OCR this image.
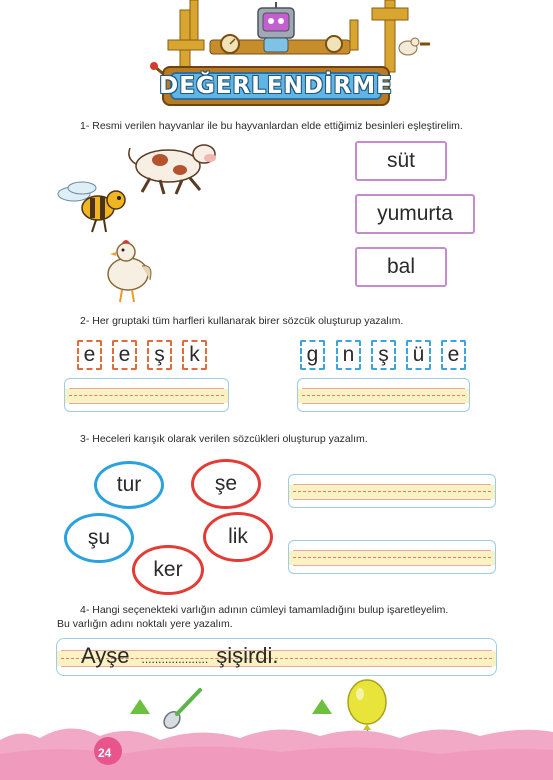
DEĞERLENDİRME
1- Resmi verilen hayvanlar ile bu hayvanlardan elde ettiğimiz besinleri eşleştirelim.
süt
yumurta
bal
2- Her gruptaki tüm harfleri kullanarak birer sözcük oluşturup yazalım.
e	e	ş	k	g	n	ş	ü	e
3- Heceleri karışık olarak verilen sözcükleri oluşturup yazalım.
tur	şe
şu	lik
ker
4- Hangi seçenekteki varlığın adının cümleyi tamamladığını bulup işaretleyelim.
Bu varlığın adını noktalı yere yazalım.
Ayşe .................... şişirdi.
24
